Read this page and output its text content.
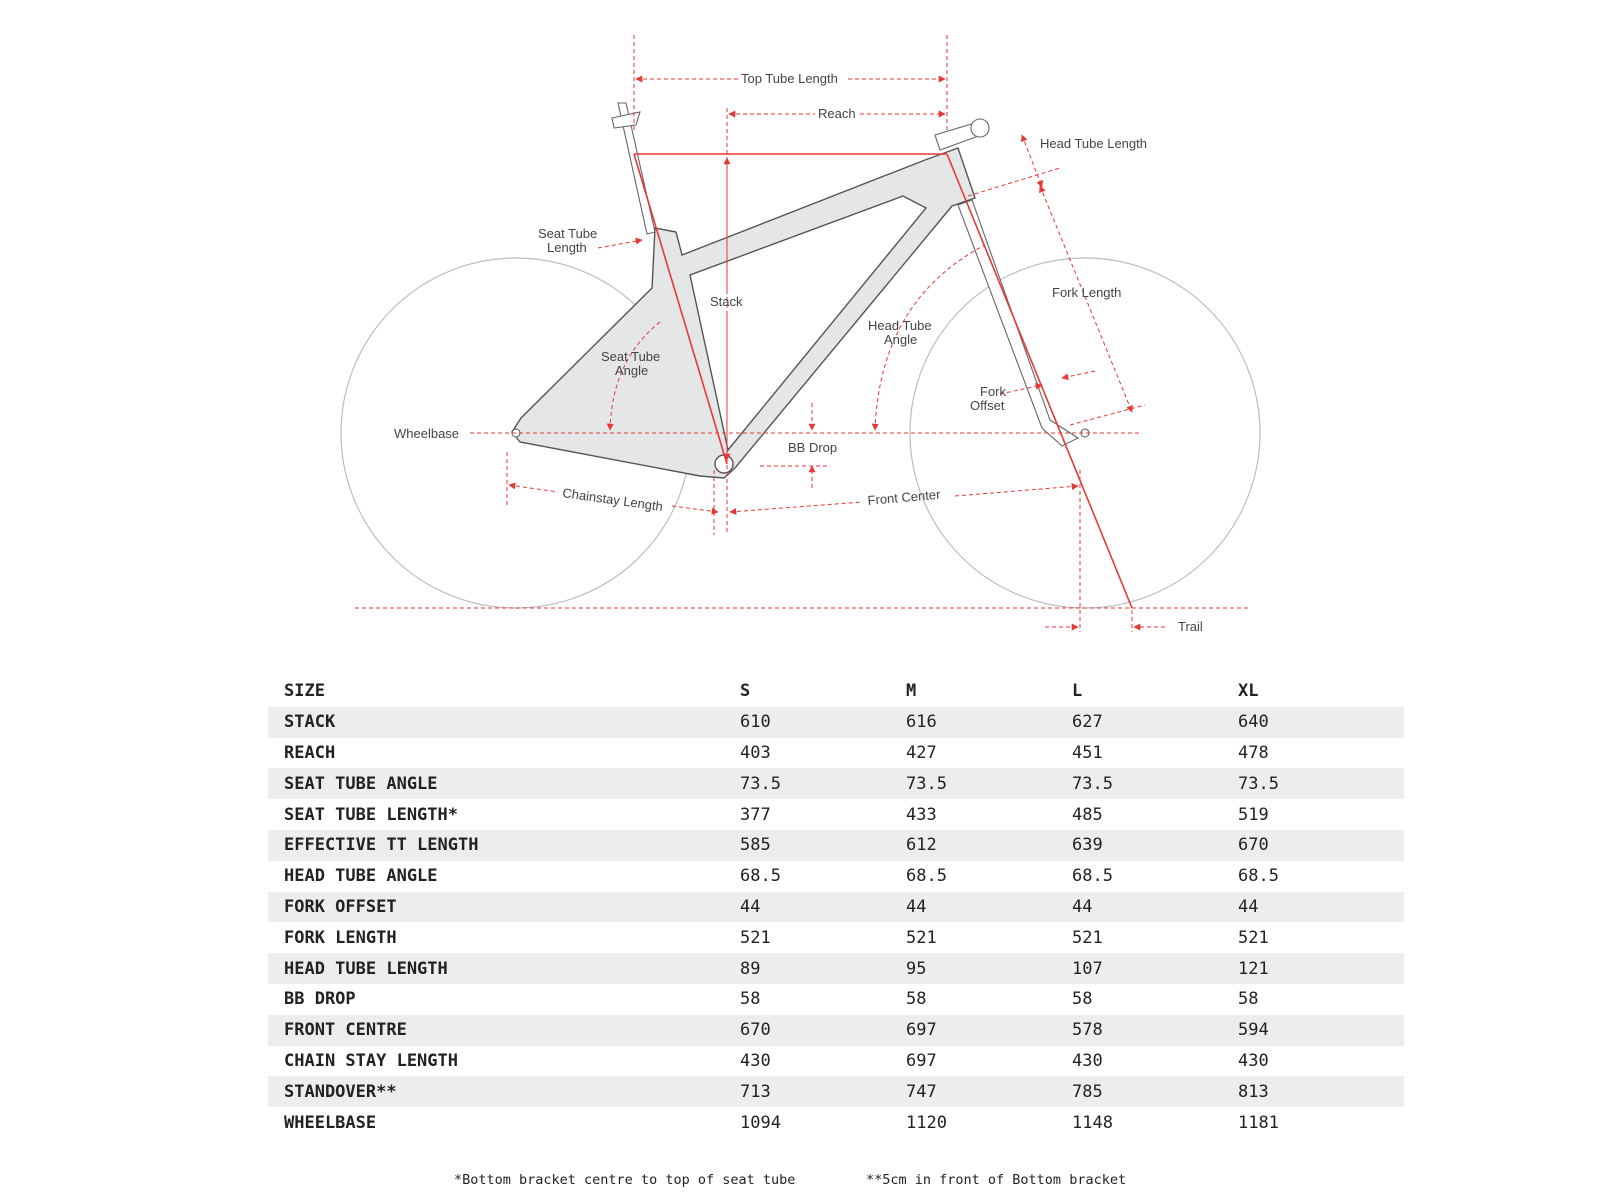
Top Tube Length
Reach
Head Tube Length
Seat Tube
Length
Stack
Fork Length
Head Tube
Angle
Seat Tube
Angle
Fork
Offset
Wheelbase
BB Drop
Chainstay Length	Front Center
Trail
SIZE	S	M	L	XL
STACK	610	616	627	640
REACH	403	427	451	478
SEAT TUBE ANGLE	73.5	73.5	73.5	73.5
SEAT TUBE LENGTH*	377	433	485	519
EFFECTIVE TT LENGTH	585	612	639	670
HEAD TUBE ANGLE	68.5	68.5	68.5	68.5
FORK OFFSET	44	44	44	44
FORK LENGTH	521	521	521	521
HEAD TUBE LENGTH	89	95	107	121
BB DROP	58	58	58	58
FRONT CENTRE	670	697	578	594
CHAIN STAY LENGTH	430	697	430	430
STANDOVER**	713	747	785	813
WHEELBASE	1094	1120	1148	1181
*Bottom bracket centre to top of seat tube	**5cm in front of Bottom bracket
